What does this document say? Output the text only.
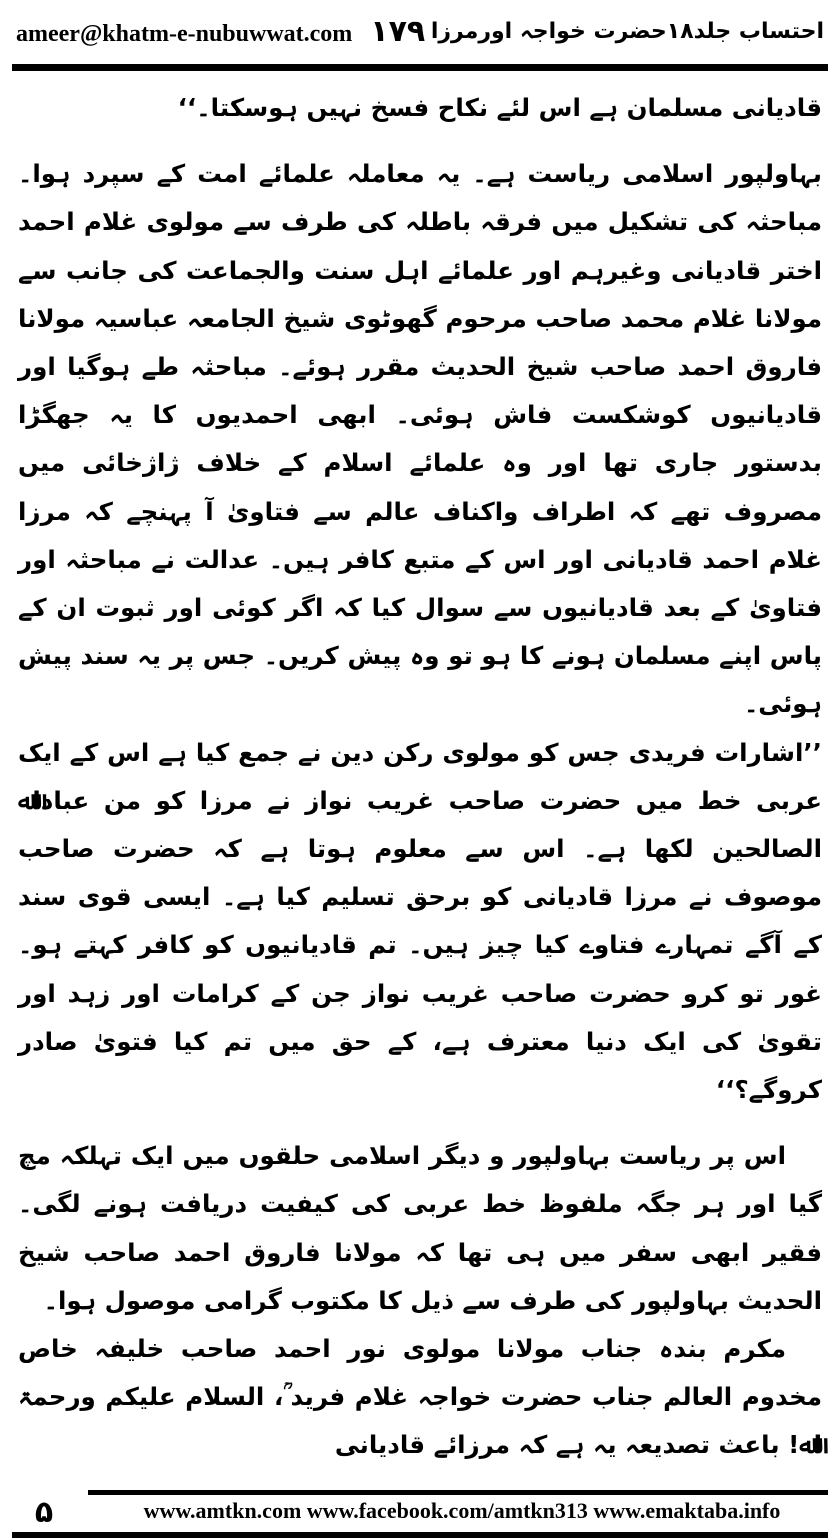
ameer@khatm-e-nubuwwat.com ۱۷۹ احتساب جلد۱۸حضرت خواجہ اورمرزا

قادیانی مسلمان ہے اس لئے نکاح فسخ نہیں ہوسکتا۔‘‘

بہاولپور اسلامی ریاست ہے۔ یہ معاملہ علمائے امت کے سپرد ہوا۔ مباحثہ کی تشکیل میں فرقہ باطلہ کی طرف سے مولوی غلام احمد اختر قادیانی وغیرہم اور علمائے اہل سنت والجماعت کی جانب سے مولانا غلام محمد صاحب مرحوم گھوٹوی شیخ الجامعہ عباسیہ مولانا فاروق احمد صاحب شیخ الحدیث مقرر ہوئے۔ مباحثہ طے ہوگیا اور قادیانیوں کوشکست فاش ہوئی۔ ابھی احمدیوں کا یہ جھگڑا بدستور جاری تھا اور وہ علمائے اسلام کے خلاف ژاژخائی میں مصروف تھے کہ اطراف واکناف عالم سے فتاویٰ آ پہنچے کہ مرزا غلام احمد قادیانی اور اس کے متبع کافر ہیں۔ عدالت نے مباحثہ اور فتاویٰ کے بعد قادیانیوں سے سوال کیا کہ اگر کوئی اور ثبوت ان کے پاس اپنے مسلمان ہونے کا ہو تو وہ پیش کریں۔ جس پر یہ سند پیش ہوئی۔

’’اشارات فریدی جس کو مولوی رکن دین نے جمع کیا ہے اس کے ایک عربی خط میں حضرت صاحب غریب نواز نے مرزا کو من عباداﷲ الصالحین لکھا ہے۔ اس سے معلوم ہوتا ہے کہ حضرت صاحب موصوف نے مرزا قادیانی کو برحق تسلیم کیا ہے۔ ایسی قوی سند کے آگے تمہارے فتاوے کیا چیز ہیں۔ تم قادیانیوں کو کافر کہتے ہو۔ غور تو کرو حضرت صاحب غریب نواز جن کے کرامات اور زہد اور تقویٰ کی ایک دنیا معترف ہے، کے حق میں تم کیا فتویٰ صادر کروگے؟‘‘

اس پر ریاست بہاولپور و دیگر اسلامی حلقوں میں ایک تہلکہ مچ گیا اور ہر جگہ ملفوظ خط عربی کی کیفیت دریافت ہونے لگی۔ فقیر ابھی سفر میں ہی تھا کہ مولانا فاروق احمد صاحب شیخ الحدیث بہاولپور کی طرف سے ذیل کا مکتوب گرامی موصول ہوا۔

مکرم بندہ جناب مولانا مولوی نور احمد صاحب خلیفہ خاص مخدوم العالم جناب حضرت خواجہ غلام فرید ؒ، السلام علیکم ورحمۃ اﷲ! باعث تصدیعہ یہ ہے کہ مرزائے قادیانی

۵	www.amtkn.com www.facebook.com/amtkn313 www.emaktaba.info
